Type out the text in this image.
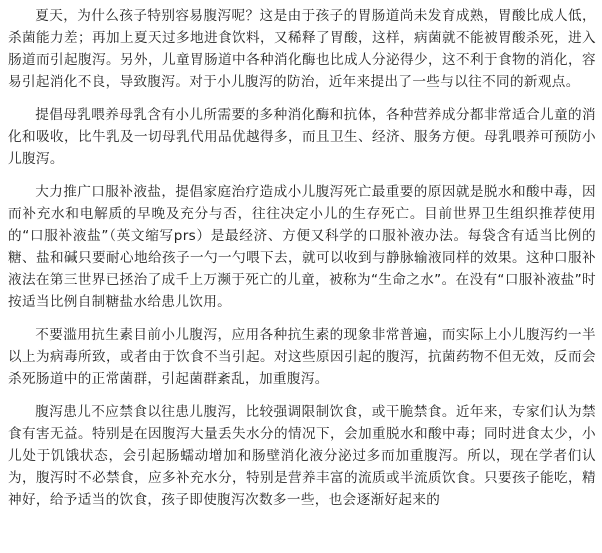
夏天，为什么孩子特别容易腹泻呢？这是由于孩子的胃肠道尚未发育成熟，胃酸比成人低，杀菌能力差；再加上夏天过多地进食饮料，又稀释了胃酸，这样，病菌就不能被胃酸杀死，进入肠道而引起腹泻。另外，儿童胃肠道中各种消化酶也比成人分泌得少，这不利于食物的消化，容易引起消化不良，导致腹泻。对于小儿腹泻的防治，近年来提出了一些与以往不同的新观点。

提倡母乳喂养母乳含有小儿所需要的多种消化酶和抗体，各种营养成分都非常适合儿童的消化和吸收，比牛乳及一切母乳代用品优越得多，而且卫生、经济、服务方便。母乳喂养可预防小儿腹泻。

大力推广口服补液盐，提倡家庭治疗造成小儿腹泻死亡最重要的原因就是脱水和酸中毒，因而补充水和电解质的早晚及充分与否，往往决定小儿的生存死亡。目前世界卫生组织推荐使用的“口服补液盐”（英文缩写prs）是最经济、方便又科学的口服补液办法。每袋含有适当比例的糖、盐和碱只要耐心地给孩子一勺一勺喂下去，就可以收到与静脉输液同样的效果。这种口服补液法在第三世界已拯治了成千上万濒于死亡的儿童，被称为“生命之水”。在没有“口服补液盐”时按适当比例自制糖盐水给患儿饮用。

不要滥用抗生素目前小儿腹泻，应用各种抗生素的现象非常普遍，而实际上小儿腹泻约一半以上为病毒所致，或者由于饮食不当引起。对这些原因引起的腹泻，抗菌药物不但无效，反而会杀死肠道中的正常菌群，引起菌群紊乱，加重腹泻。

腹泻患儿不应禁食以往患儿腹泻，比较强调限制饮食，或干脆禁食。近年来，专家们认为禁食有害无益。特别是在因腹泻大量丢失水分的情况下，会加重脱水和酸中毒；同时进食太少，小儿处于饥饿状态，会引起肠蠕动增加和肠壁消化液分泌过多而加重腹泻。所以，现在学者们认为，腹泻时不必禁食，应多补充水分，特别是营养丰富的流质或半流质饮食。只要孩子能吃，精神好，给予适当的饮食，孩子即使腹泻次数多一些，也会逐渐好起来的
